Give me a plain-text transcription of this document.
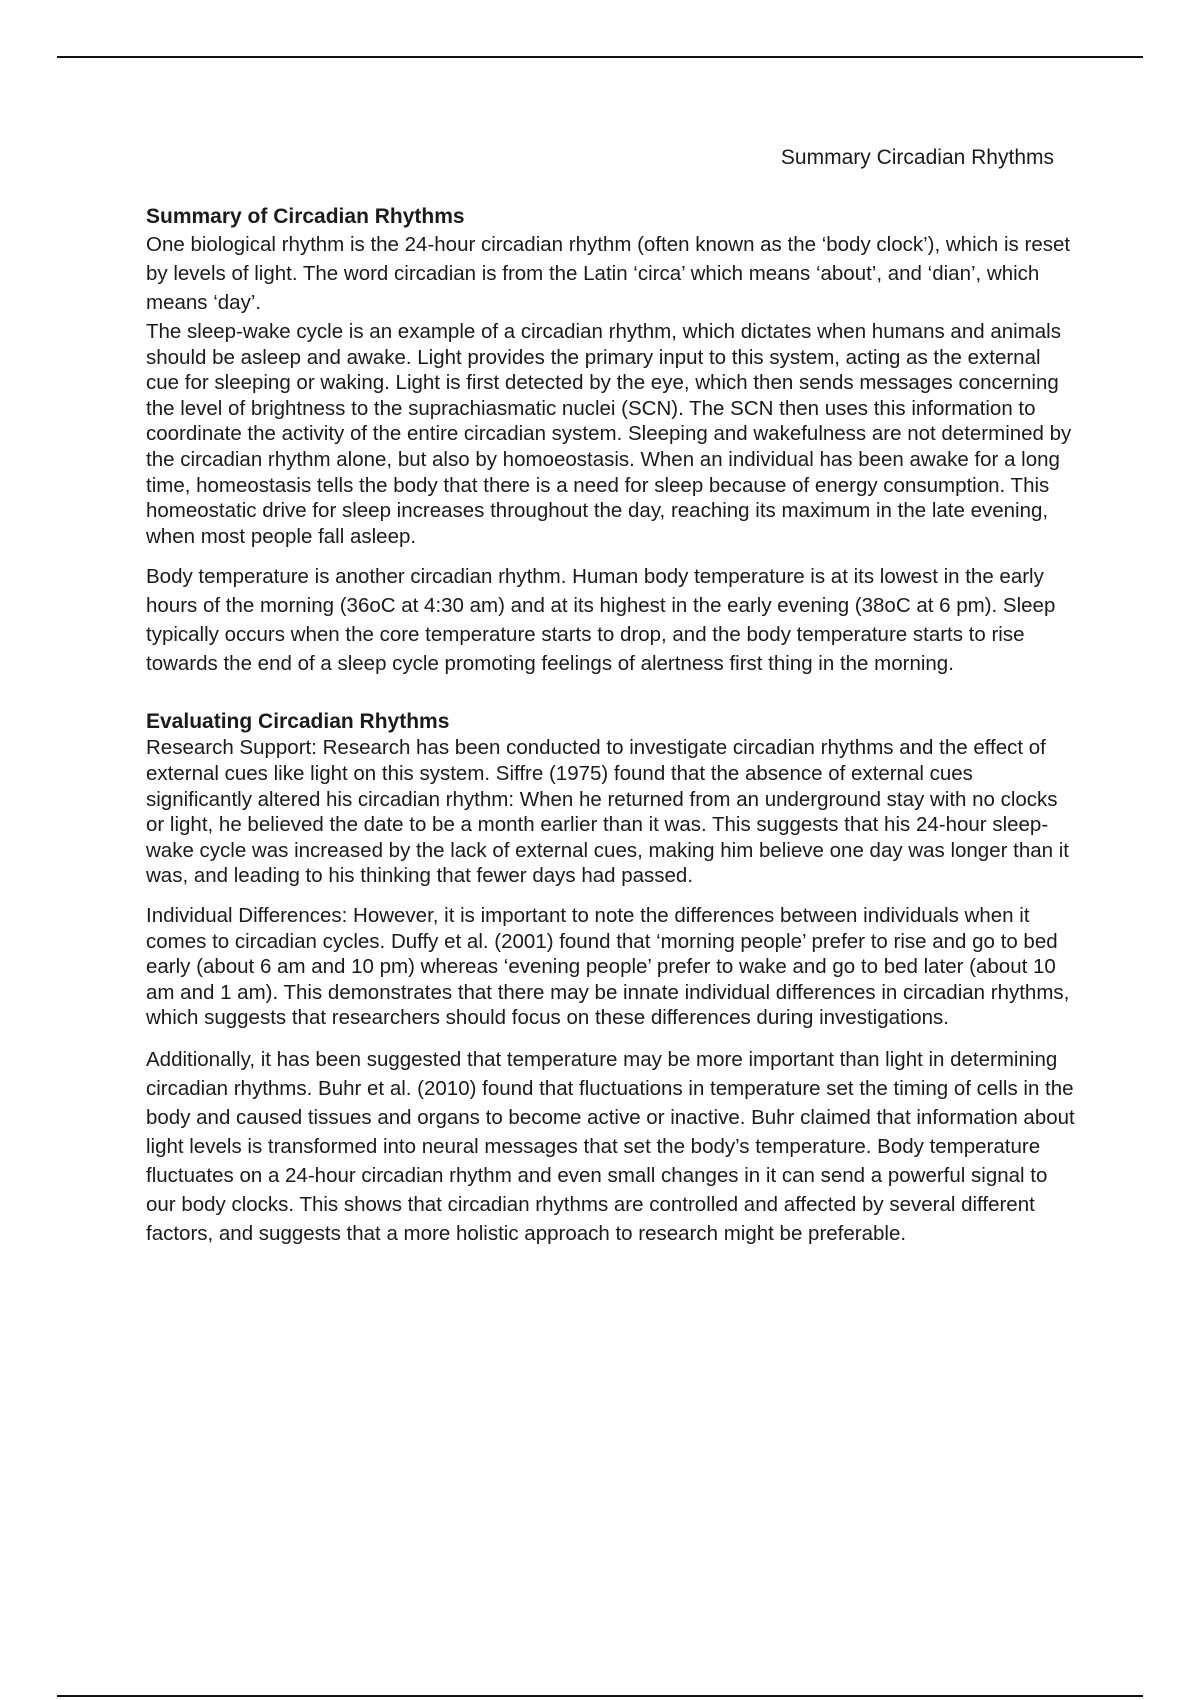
Summary Circadian Rhythms
Summary of Circadian Rhythms

One biological rhythm is the 24-hour circadian rhythm (often known as the ‘body clock’), which is reset by levels of light. The word circadian is from the Latin ‘circa’ which means ‘about’, and ‘dian’, which means ‘day’.

The sleep-wake cycle is an example of a circadian rhythm, which dictates when humans and animals should be asleep and awake. Light provides the primary input to this system, acting as the external cue for sleeping or waking. Light is first detected by the eye, which then sends messages concerning the level of brightness to the suprachiasmatic nuclei (SCN). The SCN then uses this information to coordinate the activity of the entire circadian system. Sleeping and wakefulness are not determined by the circadian rhythm alone, but also by homoeostasis. When an individual has been awake for a long time, homeostasis tells the body that there is a need for sleep because of energy consumption. This homeostatic drive for sleep increases throughout the day, reaching its maximum in the late evening, when most people fall asleep.

Body temperature is another circadian rhythm. Human body temperature is at its lowest in the early hours of the morning (36oC at 4:30 am) and at its highest in the early evening (38oC at 6 pm). Sleep typically occurs when the core temperature starts to drop, and the body temperature starts to rise towards the end of a sleep cycle promoting feelings of alertness first thing in the morning.

Evaluating Circadian Rhythms

Research Support: Research has been conducted to investigate circadian rhythms and the effect of external cues like light on this system. Siffre (1975) found that the absence of external cues significantly altered his circadian rhythm: When he returned from an underground stay with no clocks or light, he believed the date to be a month earlier than it was. This suggests that his 24-hour sleep-wake cycle was increased by the lack of external cues, making him believe one day was longer than it was, and leading to his thinking that fewer days had passed.

Individual Differences: However, it is important to note the differences between individuals when it comes to circadian cycles. Duffy et al. (2001) found that ‘morning people’ prefer to rise and go to bed early (about 6 am and 10 pm) whereas ‘evening people’ prefer to wake and go to bed later (about 10 am and 1 am). This demonstrates that there may be innate individual differences in circadian rhythms, which suggests that researchers should focus on these differences during investigations.

Additionally, it has been suggested that temperature may be more important than light in determining circadian rhythms. Buhr et al. (2010) found that fluctuations in temperature set the timing of cells in the body and caused tissues and organs to become active or inactive. Buhr claimed that information about light levels is transformed into neural messages that set the body’s temperature. Body temperature fluctuates on a 24-hour circadian rhythm and even small changes in it can send a powerful signal to our body clocks. This shows that circadian rhythms are controlled and affected by several different factors, and suggests that a more holistic approach to research might be preferable.
